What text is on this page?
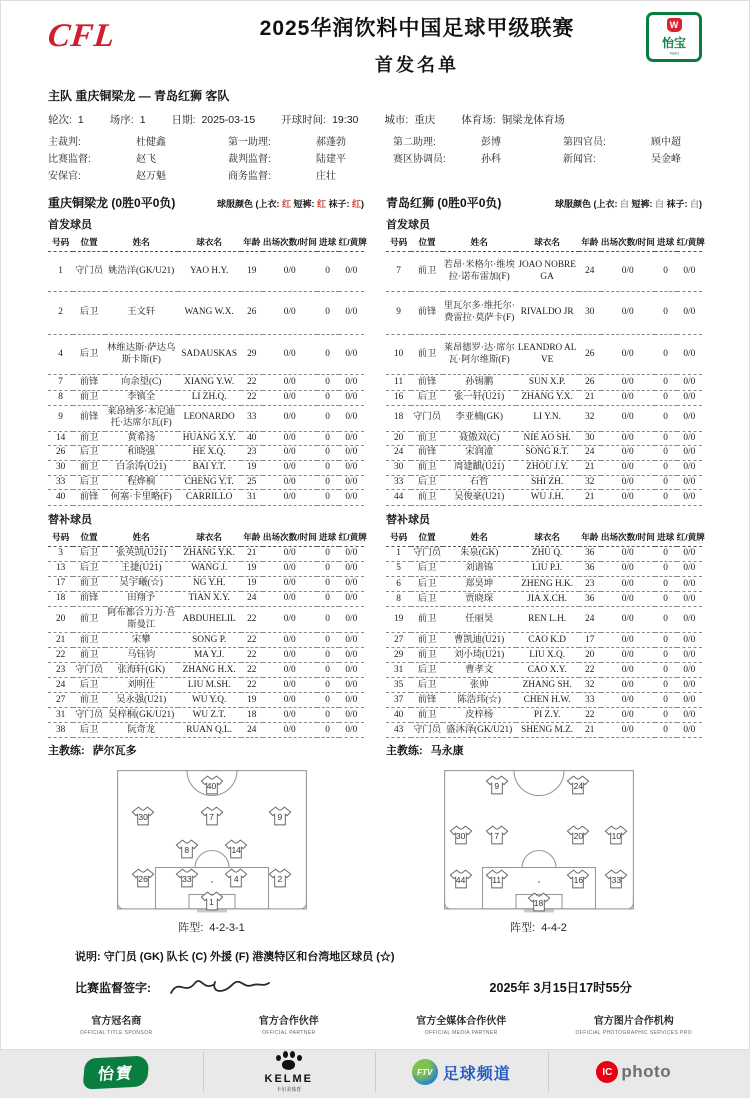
CFL	2025华润饮料中国足球甲级联赛
首发名单
W
怡宝
YIBAO
主队 重庆铜梁龙 — 青岛红狮 客队
轮次: 1 场序: 1 日期: 2025-03-15 开球时间: 19:30 城市: 重庆 体育场: 铜梁龙体育场
主裁判:	杜健鑫	第一助理:	郝蓬勃	第二助理:	彭博	第四官员:	顾中超
比赛监督:	赵飞	裁判监督:	陆建平	赛区协调员:	孙科	新闻官:	吴金峰
安保官:	赵万魁	商务监督:	庄壮
重庆铜梁龙 (0胜0平0负)	球服颜色 (上衣: 红 短裤: 红 袜子: 红) 青岛红狮 (0胜0平0负)	球服颜色 (上衣: 白 短裤: 白 袜子: 白)
首发球员	首发球员
号码	位置	姓名	球衣名	年龄	出场次数/时间	进球	红/黄牌
1	守门员	姚浩洋(GK/U21)	YAO H.Y.	19	0/0	0	0/0
2	后卫	王文轩	WANG W.X.	26	0/0	0	0/0
4	后卫	林维达斯·萨达乌斯卡斯(F)	SADAUSKAS	29	0/0	0	0/0
7	前锋	向余望(C)	XIANG Y.W.	22	0/0	0	0/0
8	前卫	李镇全	LI ZH.Q.	22	0/0	0	0/0
9	前锋	莱昂纳多·本尼迪托·达席尔瓦(F)	LEONARDO	33	0/0	0	0/0
14	前卫	黄希扬	HUANG X.Y.	40	0/0	0	0/0
26	后卫	和晓强	HE X.Q.	23	0/0	0	0/0
30	前卫	白余涛(U21)	BAI Y.T.	19	0/0	0	0/0
33	后卫	程烨桐	CHENG Y.T.	25	0/0	0	0/0
40	前锋	何塞·卡里略(F)	CARRILLO	31	0/0	0	0/0
号码	位置	姓名	球衣名	年龄	出场次数/时间	进球	红/黄牌
7	前卫	若昂·米格尔·维埃拉·诺布雷加(F)	JOAO NOBREGA	24	0/0	0	0/0
9	前锋	里瓦尔多·维托尔·费雷拉·莫萨卡(F)	RIVALDO JR	30	0/0	0	0/0
10	前卫	莱昂德罗·达·席尔瓦·阿尔维斯(F)	LEANDRO ALVE	26	0/0	0	0/0
11	前锋	孙锡鹏	SUN X.P.	26	0/0	0	0/0
16	后卫	张一轩(U21)	ZHANG Y.X.	21	0/0	0	0/0
18	守门员	李亚楠(GK)	LI Y.N.	32	0/0	0	0/0
20	前卫	聂傲双(C)	NIE AO SH.	30	0/0	0	0/0
24	前锋	宋润潼	SONG R.T.	24	0/0	0	0/0
30	前卫	周建麒(U21)	ZHOU J.Y.	21	0/0	0	0/0
33	后卫	石哲	SHI ZH.	32	0/0	0	0/0
44	前卫	吴俊豪(U21)	WU J.H.	21	0/0	0	0/0
替补球员	替补球员
号码	位置	姓名	球衣名	年龄	出场次数/时间	进球	红/黄牌
3	后卫	张英凯(U21)	ZHANG Y.K.	21	0/0	0	0/0
13	后卫	王捷(U21)	WANG J.	19	0/0	0	0/0
17	前卫	吴宇曦(☆)	NG Y.H.	19	0/0	0	0/0
18	前锋	田翔予	TIAN X.Y.	24	0/0	0	0/0
20	前卫	阿布都合力力·吾斯曼江	ABDUHELIL	22	0/0	0	0/0
21	前卫	宋攀	SONG P.	22	0/0	0	0/0
22	前卫	马钰钧	MA Y.J.	22	0/0	0	0/0
23	守门员	张海轩(GK)	ZHANG H.X.	22	0/0	0	0/0
24	后卫	刘明仕	LIU M.SH.	22	0/0	0	0/0
27	前卫	吴永强(U21)	WU Y.Q.	19	0/0	0	0/0
31	守门员	吴梓桐(GK/U21)	WU Z.T.	18	0/0	0	0/0
38	后卫	阮奇龙	RUAN Q.L.	24	0/0	0	0/0
号码	位置	姓名	球衣名	年龄	出场次数/时间	进球	红/黄牌
1	守门员	朱泉(GK)	ZHU Q.	36	0/0	0	0/0
5	后卫	刘谱锦	LIU P.J.	36	0/0	0	0/0
6	后卫	郑昊坤	ZHENG H.K.	23	0/0	0	0/0
8	后卫	贾晓琛	JIA X.CH.	36	0/0	0	0/0
19	前卫	任丽昊	REN L.H.	24	0/0	0	0/0
27	前卫	曹凯迪(U21)	CAO K.D	17	0/0	0	0/0
29	前卫	刘小琦(U21)	LIU X.Q.	20	0/0	0	0/0
31	后卫	曹孝文	CAO X.Y.	22	0/0	0	0/0
35	后卫	张帅	ZHANG SH.	32	0/0	0	0/0
37	前锋	陈浩玮(☆)	CHEN H.W.	33	0/0	0	0/0
40	前卫	皮梓杨	PI Z.Y.	22	0/0	0	0/0
43	守门员	盛沐泽(GK/U21)	SHENG M.Z.	21	0/0	0	0/0
主教练: 萨尔瓦多	主教练: 马永康
40
30	7	9
8	14
26	33	4	2
1
阵型: 4-2-3-1
9	24
30	7	20	10
44	11	16	33
18
阵型: 4-4-2
说明: 守门员 (GK) 队长 (C) 外援 (F) 港澳特区和台湾地区球员 (☆)
比赛监督签字:	2025年 3月15日17时55分
官方冠名商
OFFICIAL TITLE SPONSOR
官方合作伙伴
OFFICIAL PARTNER
官方全媒体合作伙伴
OFFICIAL MEDIA PARTNER
官方图片合作机构
OFFICIAL PHOTOGRAPHIC SERVICES PRO
怡寶	KELME
卡尔美体育
FTV 足球频道	IC photo
